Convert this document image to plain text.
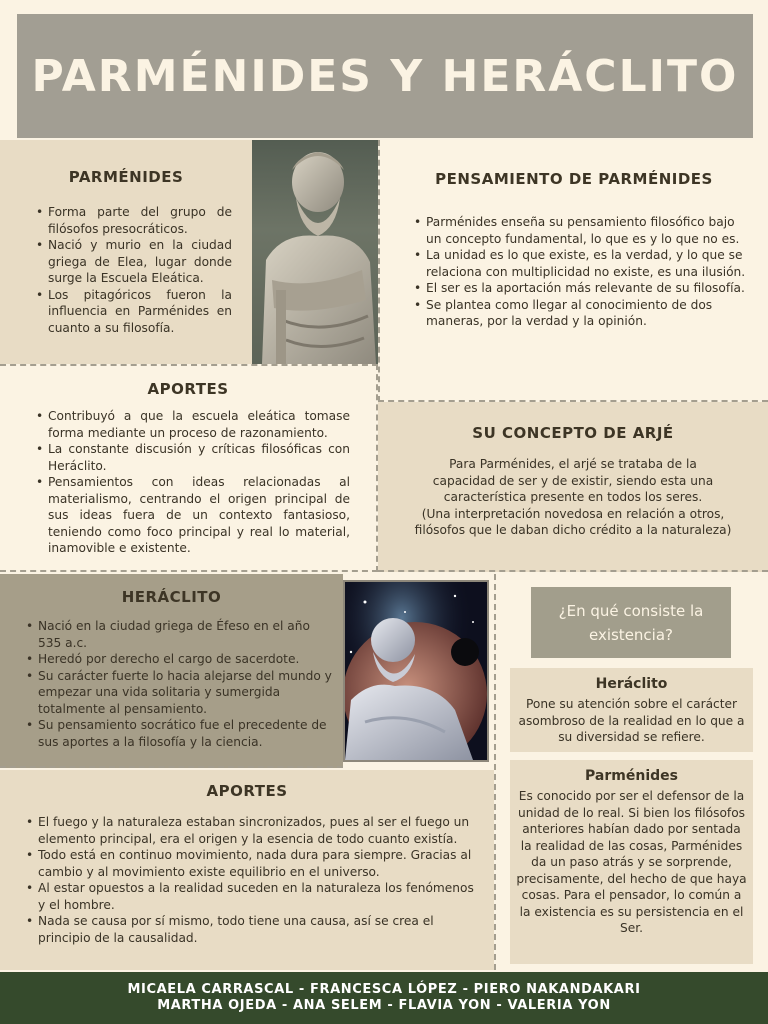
PARMÉNIDES Y HERÁCLITO
PARMÉNIDES
• Forma parte del grupo de filósofos presocráticos.
• Nació y murio en la ciudad griega de Elea, lugar donde surge la Escuela Eleática.
• Los pitagóricos fueron la influencia en Parménides en cuanto a su filosofía.
PENSAMIENTO DE PARMÉNIDES
• Parménides enseña su pensamiento filosófico bajo un concepto fundamental, lo que es y lo que no es.
• La unidad es lo que existe, es la verdad, y lo que se relaciona con multiplicidad no existe, es una ilusión.
• El ser es la aportación más relevante de su filosofía.
• Se plantea como llegar al conocimiento de dos maneras, por la verdad y la opinión.
APORTES
• Contribuyó a que la escuela eleática tomase forma mediante un proceso de razonamiento.
• La constante discusión y críticas filosóficas con Heráclito.
• Pensamientos con ideas relacionadas al materialismo, centrando el origen principal de sus ideas fuera de un contexto fantasioso, teniendo como foco principal y real lo material, inamovible e existente.
SU CONCEPTO DE ARJÉ

Para Parménides, el arjé se trataba de la capacidad de ser y de existir, siendo esta una característica presente en todos los seres.

(Una interpretación novedosa en relación a otros, filósofos que le daban dicho crédito a la naturaleza)

HERÁCLITO
• Nació en la ciudad griega de Éfeso en el año 535 a.c.
• Heredó por derecho el cargo de sacerdote.
• Su carácter fuerte lo hacia alejarse del mundo y empezar una vida solitaria y sumergida totalmente al pensamiento.
• Su pensamiento socrático fue el precedente de sus aportes a la filosofía y la ciencia.
APORTES
• El fuego y la naturaleza estaban sincronizados, pues al ser el fuego un elemento principal, era el origen y la esencia de todo cuanto existía.
• Todo está en continuo movimiento, nada dura para siempre. Gracias al cambio y al movimiento existe equilibrio en el universo.
• Al estar opuestos a la realidad suceden en la naturaleza los fenómenos y el hombre.
• Nada se causa por sí mismo, todo tiene una causa, así se crea el principio de la causalidad.
¿En qué consiste la existencia?
Heráclito

Pone su atención sobre el carácter asombroso de la realidad en lo que a su diversidad se refiere.

Parménides

Es conocido por ser el defensor de la unidad de lo real. Si bien los filósofos anteriores habían dado por sentada la realidad de las cosas, Parménides da un paso atrás y se sorprende, precisamente, del hecho de que haya cosas. Para el pensador, lo común a la existencia es su persistencia en el Ser.

MICAELA CARRASCAL - FRANCESCA LÓPEZ - PIERO NAKANDAKARI
MARTHA OJEDA - ANA SELEM - FLAVIA YON - VALERIA YON
